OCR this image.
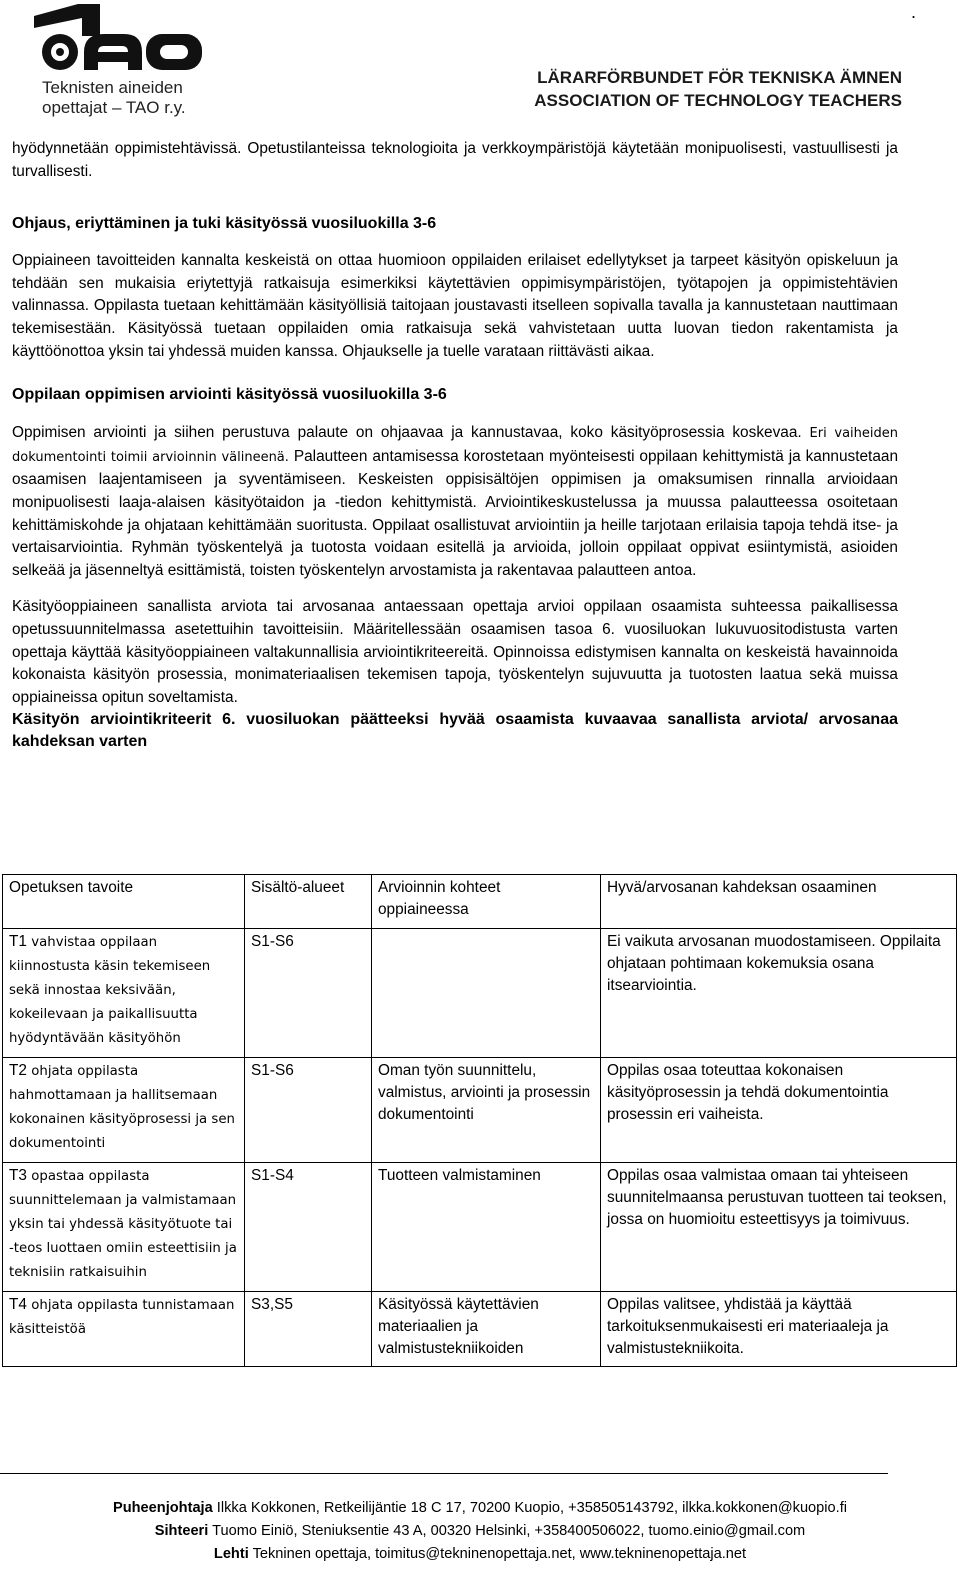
Teknisten aineiden
opettajat – TAO r.y.
.
LÄRARFÖRBUNDET FÖR TEKNISKA ÄMNEN
ASSOCIATION OF TECHNOLOGY TEACHERS

hyödynnetään oppimistehtävissä. Opetustilanteissa teknologioita ja verkkoympäristöjä käytetään monipuolisesti, vastuullisesti ja turvallisesti.

Ohjaus, eriyttäminen ja tuki käsityössä vuosiluokilla 3-6

Oppiaineen tavoitteiden kannalta keskeistä on ottaa huomioon oppilaiden erilaiset edellytykset ja tarpeet käsityön opiskeluun ja tehdään sen mukaisia eriytettyjä ratkaisuja esimerkiksi käytettävien oppimisympäristöjen, työtapojen ja oppimistehtävien valinnassa. Oppilasta tuetaan kehittämään käsityöllisiä taitojaan joustavasti itselleen sopivalla tavalla ja kannustetaan nauttimaan tekemisestään. Käsityössä tuetaan oppilaiden omia ratkaisuja sekä vahvistetaan uutta luovan tiedon rakentamista ja käyttöönottoa yksin tai yhdessä muiden kanssa. Ohjaukselle ja tuelle varataan riittävästi aikaa.

Oppilaan oppimisen arviointi käsityössä vuosiluokilla 3-6

Oppimisen arviointi ja siihen perustuva palaute on ohjaavaa ja kannustavaa, koko käsityöprosessia koskevaa. Eri vaiheiden dokumentointi toimii arvioinnin välineenä. Palautteen antamisessa korostetaan myönteisesti oppilaan kehittymistä ja kannustetaan osaamisen laajentamiseen ja syventämiseen. Keskeisten oppisisältöjen oppimisen ja omaksumisen rinnalla arvioidaan monipuolisesti laaja-alaisen käsityötaidon ja -tiedon kehittymistä. Arviointikeskustelussa ja muussa palautteessa osoitetaan kehittämiskohde ja ohjataan kehittämään suoritusta. Oppilaat osallistuvat arviointiin ja heille tarjotaan erilaisia tapoja tehdä itse- ja vertaisarviointia. Ryhmän työskentelyä ja tuotosta voidaan esitellä ja arvioida, jolloin oppilaat oppivat esiintymistä, asioiden selkeää ja jäsenneltyä esittämistä, toisten työskentelyn arvostamista ja rakentavaa palautteen antoa.

Käsityöoppiaineen sanallista arviota tai arvosanaa antaessaan opettaja arvioi oppilaan osaamista suhteessa paikallisessa opetussuunnitelmassa asetettuihin tavoitteisiin. Määritellessään osaamisen tasoa 6. vuosiluokan lukuvuositodistusta varten opettaja käyttää käsityöoppiaineen valtakunnallisia arviointikriteereitä. Opinnoissa edistymisen kannalta on keskeistä havainnoida kokonaista käsityön prosessia, monimateriaalisen tekemisen tapoja, työskentelyn sujuvuutta ja tuotosten laatua sekä muissa oppiaineissa opitun soveltamista.

Käsityön arviointikriteerit 6. vuosiluokan päätteeksi hyvää osaamista kuvaavaa sanallista arviota/ arvosanaa kahdeksan varten

Opetuksen tavoite	Sisältö-alueet	Arvioinnin kohteet oppiaineessa	Hyvä/arvosanan kahdeksan osaaminen
T1 vahvistaa oppilaan kiinnostusta käsin tekemiseen sekä innostaa keksivään, kokeilevaan ja paikallisuutta hyödyntävään käsityöhön	S1-S6		Ei vaikuta arvosanan muodostamiseen. Oppilaita ohjataan pohtimaan kokemuksia osana itsearviointia.
T2 ohjata oppilasta hahmottamaan ja hallitsemaan kokonainen käsityöprosessi ja sen dokumentointi	S1-S6	Oman työn suunnittelu, valmistus, arviointi ja prosessin dokumentointi	Oppilas osaa toteuttaa kokonaisen käsityöprosessin ja tehdä dokumentointia prosessin eri vaiheista.
T3 opastaa oppilasta suunnittelemaan ja valmistamaan yksin tai yhdessä käsityötuote tai -teos luottaen omiin esteettisiin ja teknisiin ratkaisuihin	S1-S4	Tuotteen valmistaminen	Oppilas osaa valmistaa omaan tai yhteiseen suunnitelmaansa perustuvan tuotteen tai teoksen, jossa on huomioitu esteettisyys ja toimivuus.
T4 ohjata oppilasta tunnistamaan käsitteistöä	S3,S5	Käsityössä käytettävien materiaalien ja valmistustekniikoiden	Oppilas valitsee, yhdistää ja käyttää tarkoituksenmukaisesti eri materiaaleja ja valmistustekniikoita.
Puheenjohtaja Ilkka Kokkonen, Retkeilijäntie 18 C 17, 70200 Kuopio, +358505143792, ilkka.kokkonen@kuopio.fi
Sihteeri Tuomo Einiö, Steniuksentie 43 A, 00320 Helsinki, +358400506022, tuomo.einio@gmail.com
Lehti Tekninen opettaja, toimitus@tekninenopettaja.net, www.tekninenopettaja.net
